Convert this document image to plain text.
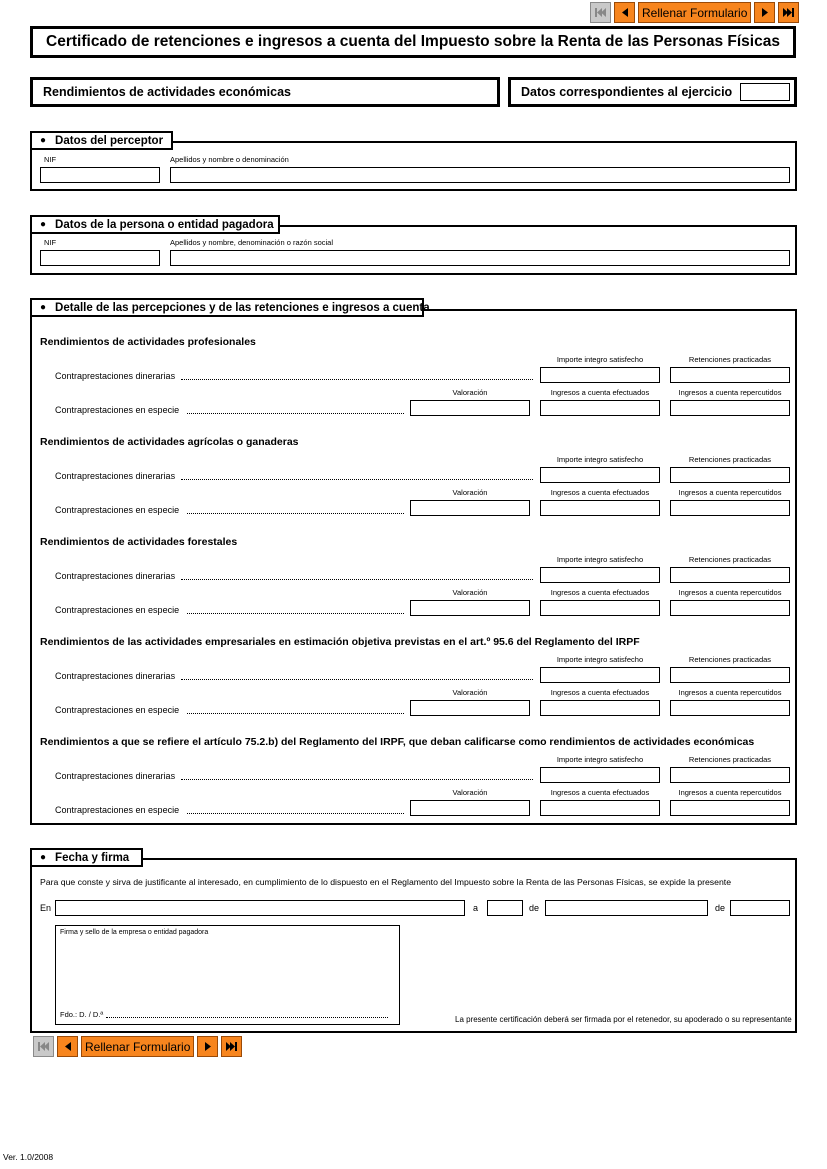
Rellenar Formulario
Certificado de retenciones e ingresos a cuenta del Impuesto sobre la Renta de las Personas Físicas
Rendimientos de actividades económicas	Datos correspondientes al ejercicio
● Datos del perceptor
NIF	Apellidos y nombre o denominación
● Datos de la persona o entidad pagadora
NIF	Apellidos y nombre, denominación o razón social
● Detalle de las percepciones y de las retenciones e ingresos a cuenta
Rendimientos de actividades profesionales
Importe integro satisfecho	Retenciones practicadas
Contraprestaciones dinerarias
Valoración	Ingresos a cuenta efectuados	Ingresos a cuenta repercutidos
Contraprestaciones en especie
Rendimientos de actividades agrícolas o ganaderas
Importe integro satisfecho	Retenciones practicadas
Contraprestaciones dinerarias
Valoración	Ingresos a cuenta efectuados	Ingresos a cuenta repercutidos
Contraprestaciones en especie
Rendimientos de actividades forestales
Importe integro satisfecho	Retenciones practicadas
Contraprestaciones dinerarias
Valoración	Ingresos a cuenta efectuados	Ingresos a cuenta repercutidos
Contraprestaciones en especie
Rendimientos de las actividades empresariales en estimación objetiva previstas en el art.º 95.6 del Reglamento del IRPF
Importe integro satisfecho	Retenciones practicadas
Contraprestaciones dinerarias
Valoración	Ingresos a cuenta efectuados	Ingresos a cuenta repercutidos
Contraprestaciones en especie
Rendimientos a que se refiere el artículo 75.2.b) del Reglamento del IRPF, que deban calificarse como rendimientos de actividades económicas
Importe integro satisfecho	Retenciones practicadas
Contraprestaciones dinerarias
Valoración	Ingresos a cuenta efectuados	Ingresos a cuenta repercutidos
Contraprestaciones en especie
● Fecha y firma
Para que conste y sirva de justificante al interesado, en cumplimiento de lo dispuesto en el Reglamento del Impuesto sobre la Renta de las Personas Físicas, se expide la presente
En	a	de	de
Firma y sello de la empresa o entidad pagadora
Fdo.: D. / D.ª
La presente certificación deberá ser firmada por el retenedor, su apoderado o su representante
Rellenar Formulario
Ver. 1.0/2008
